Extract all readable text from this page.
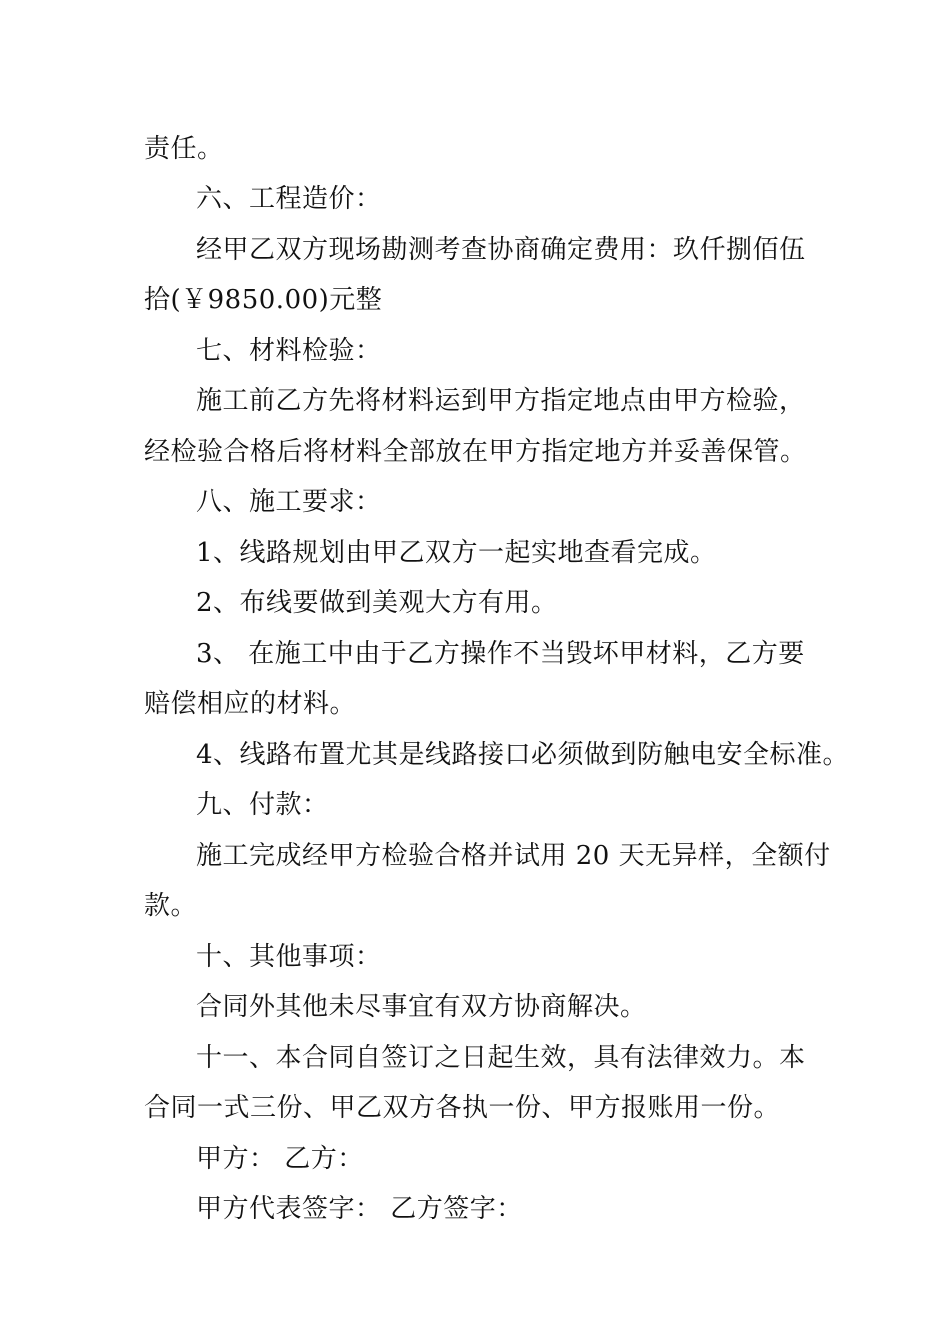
责任。
六、工程造价：
经甲乙双方现场勘测考查协商确定费用：玖仟捌佰伍
拾(￥9850.00)元整
七、材料检验：
施工前乙方先将材料运到甲方指定地点由甲方检验，
经检验合格后将材料全部放在甲方指定地方并妥善保管。
八、施工要求：
1、线路规划由甲乙双方一起实地查看完成。
2、布线要做到美观大方有用。
3、 在施工中由于乙方操作不当毁坏甲材料，乙方要
赔偿相应的材料。
4、线路布置尤其是线路接口必须做到防触电安全标准。
九、付款：
施工完成经甲方检验合格并试用 20 天无异样，全额付
款。
十、其他事项：
合同外其他未尽事宜有双方协商解决。
十一、本合同自签订之日起生效，具有法律效力。本
合同一式三份、甲乙双方各执一份、甲方报账用一份。
甲方： 乙方：
甲方代表签字： 乙方签字：
